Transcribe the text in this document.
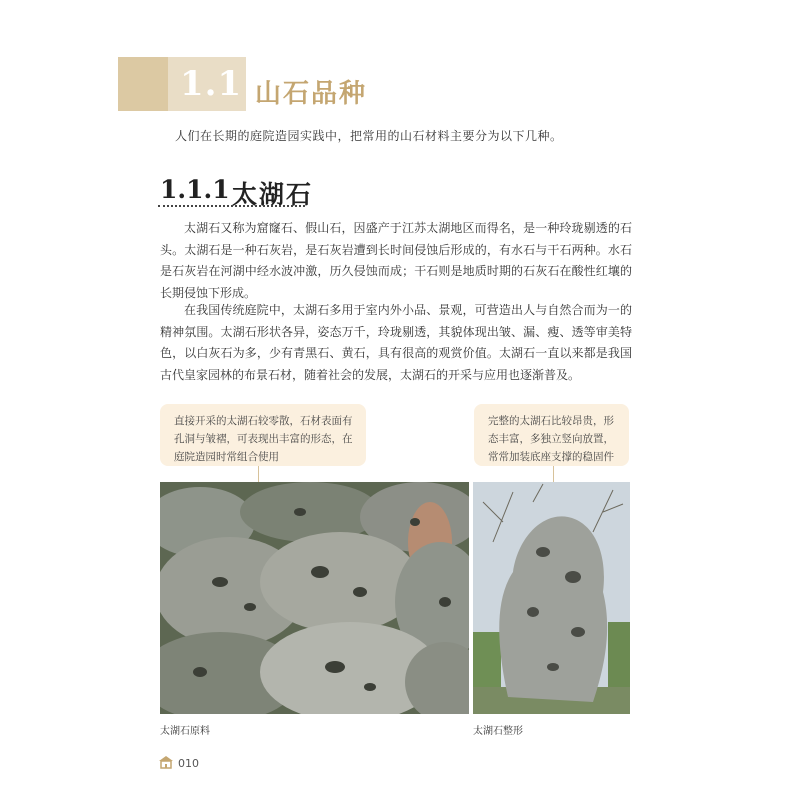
1.1 山石品种
人们在长期的庭院造园实践中，把常用的山石材料主要分为以下几种。
1.1.1 太湖石
太湖石又称为窟窿石、假山石，因盛产于江苏太湖地区而得名，是一种玲珑剔透的石头。太湖石是一种石灰岩，是石灰岩遭到长时间侵蚀后形成的，有水石与干石两种。水石是石灰岩在河湖中经水波冲激，历久侵蚀而成；干石则是地质时期的石灰石在酸性红壤的长期侵蚀下形成。
在我国传统庭院中，太湖石多用于室内外小品、景观，可营造出人与自然合而为一的精神氛围。太湖石形状各异，姿态万千，玲珑剔透，其貌体现出皱、漏、瘦、透等审美特色，以白灰石为多，少有青黑石、黄石，具有很高的观赏价值。太湖石一直以来都是我国古代皇家园林的布景石材，随着社会的发展，太湖石的开采与应用也逐渐普及。
直接开采的太湖石较零散，石材表面有孔洞与皱褶，可表现出丰富的形态，在庭院造园时常组合使用
完整的太湖石比较昂贵，形态丰富，多独立竖向放置，常常加装底座支撑的稳固件
太湖石原料	太湖石整形
010
